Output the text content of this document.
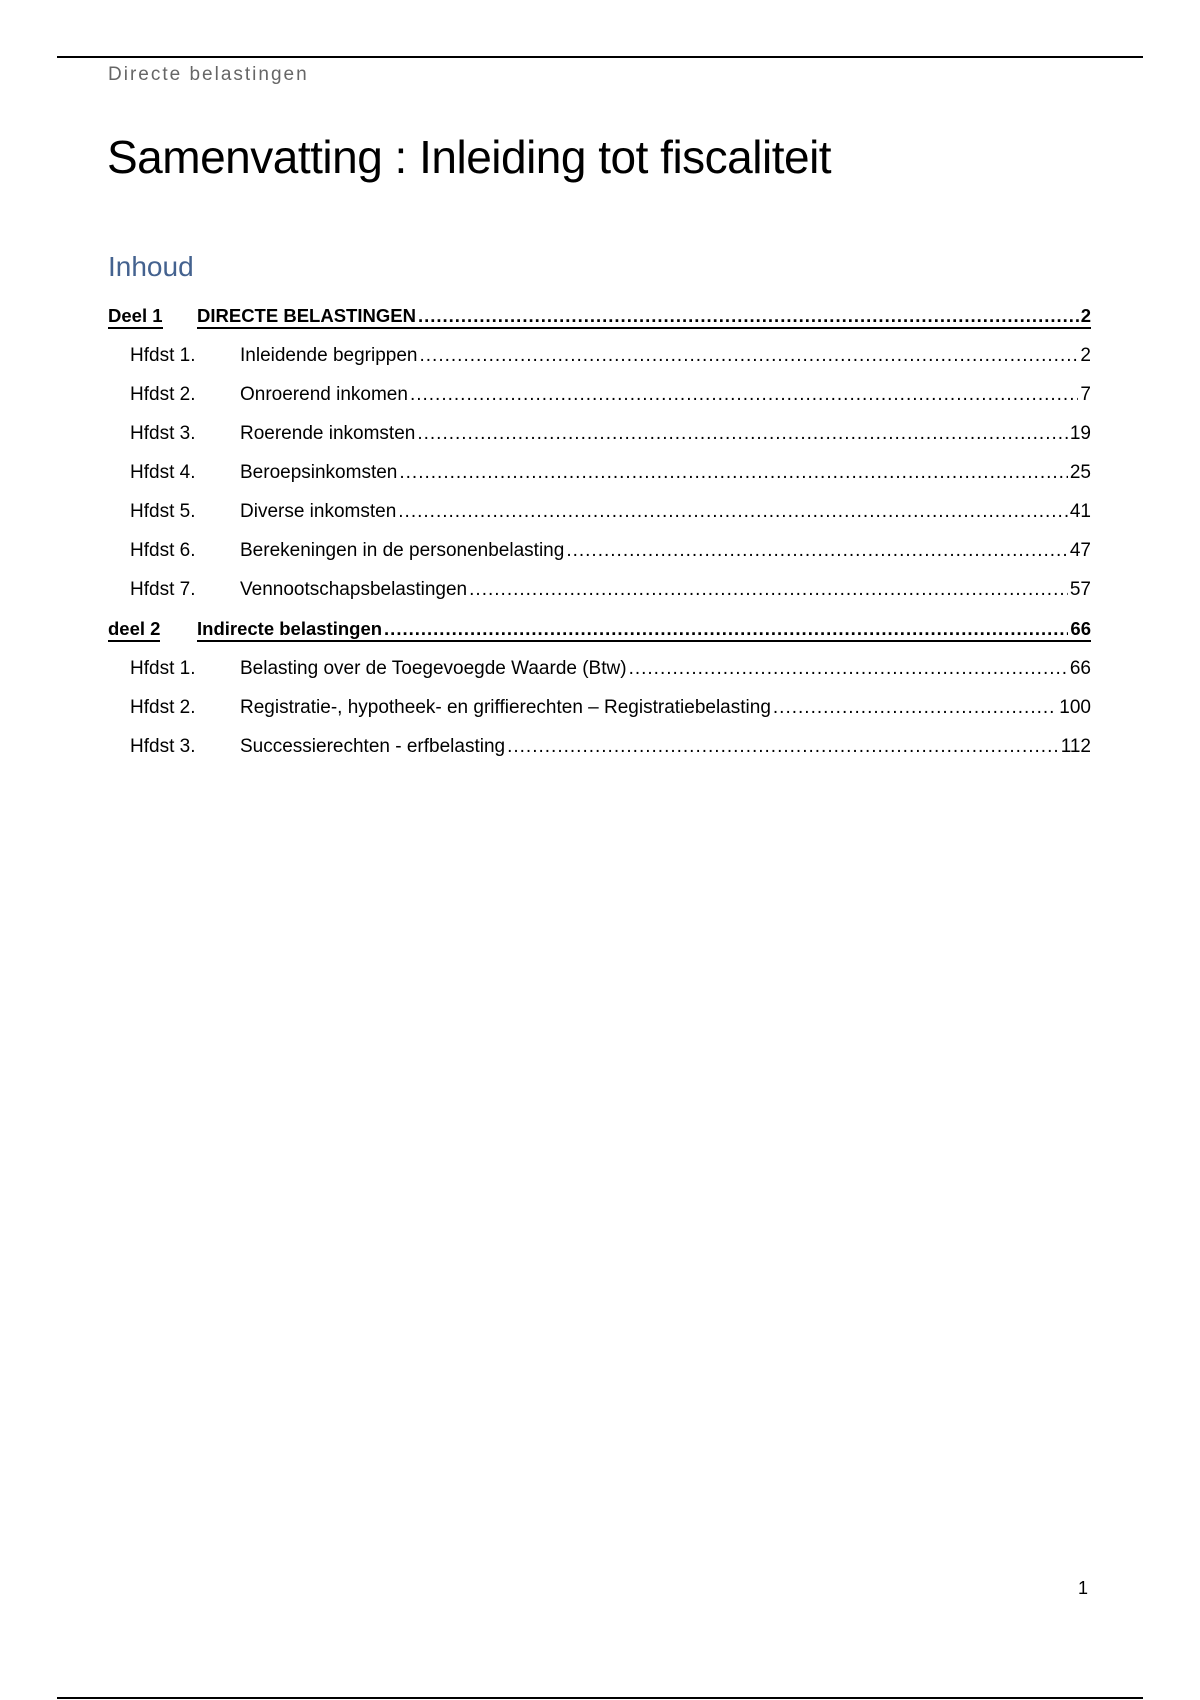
Directe belastingen
Samenvatting : Inleiding tot fiscaliteit
Inhoud
Deel 1	DIRECTE BELASTINGEN .....	2
Hfdst 1.	Inleidende begrippen .....	2
Hfdst 2.	Onroerend inkomen .....	7
Hfdst 3.	Roerende inkomsten .....	19
Hfdst 4.	Beroepsinkomsten .....	25
Hfdst 5.	Diverse inkomsten .....	41
Hfdst 6.	Berekeningen in de personenbelasting .....	47
Hfdst 7.	Vennootschapsbelastingen .....	57
deel 2	Indirecte belastingen .....	66
Hfdst 1.	Belasting over de Toegevoegde Waarde (Btw) .....	66
Hfdst 2.	Registratie-, hypotheek- en griffierechten – Registratiebelasting .....	100
Hfdst 3.	Successierechten - erfbelasting .....	112
1
